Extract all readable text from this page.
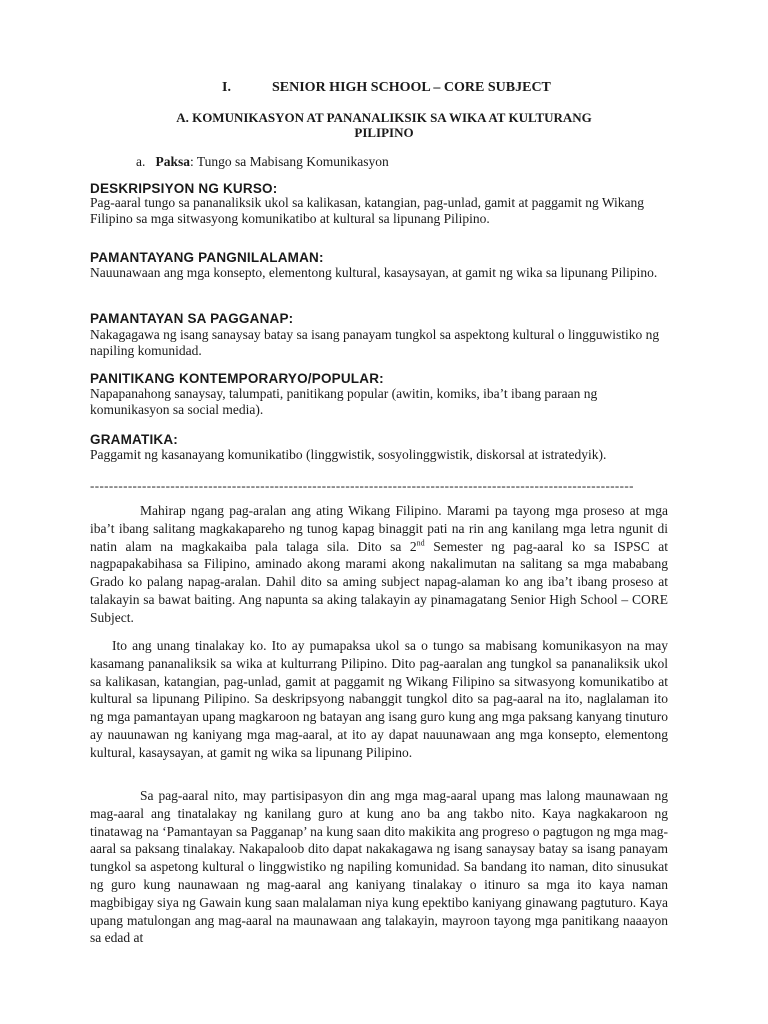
I.	SENIOR HIGH SCHOOL – CORE SUBJECT
A. KOMUNIKASYON AT PANANALIKSIK SA WIKA AT KULTURANG
PILIPINO
a. Paksa: Tungo sa Mabisang Komunikasyon
DESKRIPSIYON NG KURSO:
Pag-aaral tungo sa pananaliksik ukol sa kalikasan, katangian, pag-unlad, gamit at paggamit ng Wikang Filipino sa mga sitwasyong komunikatibo at kultural sa lipunang Pilipino.
PAMANTAYANG PANGNILALAMAN:
Nauunawaan ang mga konsepto, elementong kultural, kasaysayan, at gamit ng wika sa lipunang Pilipino.
PAMANTAYAN SA PAGGANAP:
Nakagagawa ng isang sanaysay batay sa isang panayam tungkol sa aspektong kultural o lingguwistiko ng napiling komunidad.
PANITIKANG KONTEMPORARYO/POPULAR:
Napapanahong sanaysay, talumpati, panitikang popular (awitin, komiks, iba’t ibang paraan ng komunikasyon sa social media).
GRAMATIKA:
Paggamit ng kasanayang komunikatibo (linggwistik, sosyolinggwistik, diskorsal at istratedyik).
-------------------------------------------------------------------------------------------------------------------

Mahirap ngang pag-aralan ang ating Wikang Filipino. Marami pa tayong mga proseso at mga iba’t ibang salitang magkakapareho ng tunog kapag binaggit pati na rin ang kanilang mga letra ngunit di natin alam na magkakaiba pala talaga sila. Dito sa 2nd Semester ng pag-aaral ko sa ISPSC at nagpapakabihasa sa Filipino, aminado akong marami akong nakalimutan na salitang sa mga mababang Grado ko palang napag-aralan. Dahil dito sa aming subject napag-alaman ko ang iba’t ibang proseso at talakayin sa bawat baiting. Ang napunta sa aking talakayin ay pinamagatang Senior High School – CORE Subject.

Ito ang unang tinalakay ko. Ito ay pumapaksa ukol sa o tungo sa mabisang komunikasyon na may kasamang pananaliksik sa wika at kulturrang Pilipino. Dito pag-aaralan ang tungkol sa pananaliksik ukol sa kalikasan, katangian, pag-unlad, gamit at paggamit ng Wikang Filipino sa sitwasyong komunikatibo at kultural sa lipunang Pilipino. Sa deskripsyong nabanggit tungkol dito sa pag-aaral na ito, naglalaman ito ng mga pamantayan upang magkaroon ng batayan ang isang guro kung ang mga paksang kanyang tinuturo ay nauunawan ng kaniyang mga mag-aaral, at ito ay dapat nauunawaan ang mga konsepto, elementong kultural, kasaysayan, at gamit ng wika sa lipunang Pilipino.

Sa pag-aaral nito, may partisipasyon din ang mga mag-aaral upang mas lalong maunawaan ng mag-aaral ang tinatalakay ng kanilang guro at kung ano ba ang takbo nito. Kaya nagkakaroon ng tinatawag na ‘Pamantayan sa Pagganap’ na kung saan dito makikita ang progreso o pagtugon ng mga mag-aaral sa paksang tinalakay. Nakapaloob dito dapat nakakagawa ng isang sanaysay batay sa isang panayam tungkol sa aspetong kultural o linggwistiko ng napiling komunidad. Sa bandang ito naman, dito sinusukat ng guro kung naunawaan ng mag-aaral ang kaniyang tinalakay o itinuro sa mga ito kaya naman magbibigay siya ng Gawain kung saan malalaman niya kung epektibo kaniyang ginawang pagtuturo. Kaya upang matulongan ang mag-aaral na maunawaan ang talakayin, mayroon tayong mga panitikang naaayon sa edad at
